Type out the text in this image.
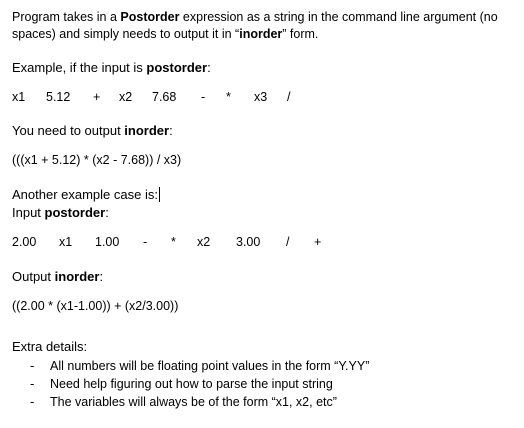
Program takes in a Postorder expression as a string in the command line argument (no
spaces) and simply needs to output it in “inorder” form.
Example, if the input is postorder:
x1 5.12 + x2 7.68 - * x3 /
You need to output inorder:
(((x1 + 5.12) * (x2 - 7.68)) / x3)
Another example case is:
Input postorder:
2.00 x1 1.00 - * x2 3.00 / +
Output inorder:
((2.00 * (x1-1.00)) + (x2/3.00))
Extra details:
- All numbers will be floating point values in the form “Y.YY”
- Need help figuring out how to parse the input string
- The variables will always be of the form “x1, x2, etc”
